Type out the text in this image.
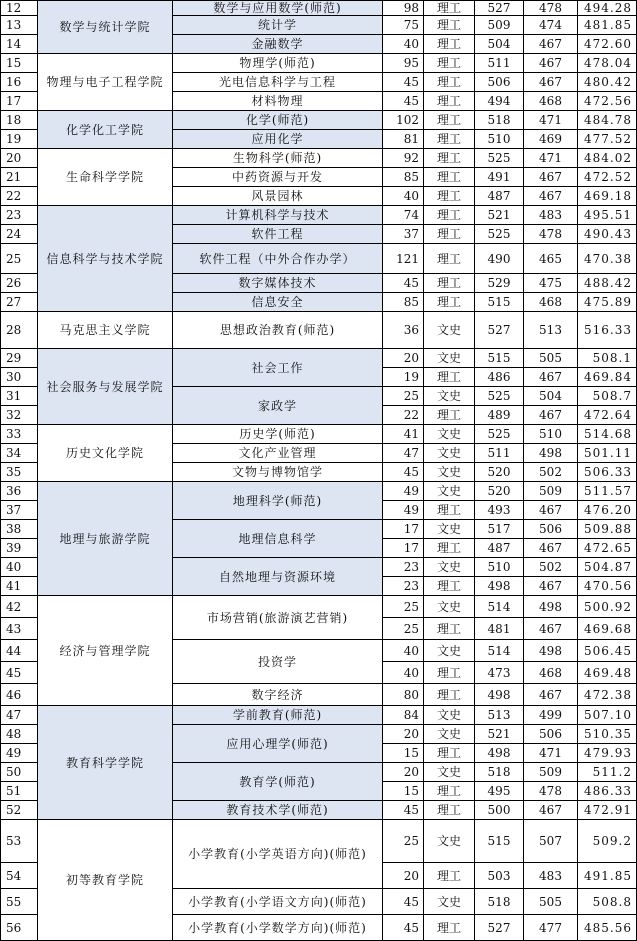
12	数学与统计学院	数学与应用数学(师范)	98	理工	527	478	494.28
13		统计学	75	理工	509	474	481.85
14		金融数学	40	理工	504	467	472.60
15	物理与电子工程学院	物理学(师范)	95	理工	511	467	478.04
16		光电信息科学与工程	45	理工	506	467	480.42
17		材料物理	45	理工	494	468	472.56
18	化学化工学院	化学(师范)	102	理工	518	471	484.78
19		应用化学	81	理工	510	469	477.52
20	生命科学学院	生物科学(师范)	92	理工	525	471	484.02
21		中药资源与开发	85	理工	491	467	472.52
22		风景园林	40	理工	487	467	469.18
23	信息科学与技术学院	计算机科学与技术	74	理工	521	483	495.51
24		软件工程	37	理工	525	478	490.43
25		软件工程（中外合作办学）	121	理工	490	465	470.38
26		数字媒体技术	45	理工	529	475	488.42
27		信息安全	85	理工	515	468	475.89
28	马克思主义学院	思想政治教育(师范)	36	文史	527	513	516.33
29	社会服务与发展学院	社会工作	20	文史	515	505	508.1
30			19	理工	486	467	469.84
31		家政学	25	文史	525	504	508.7
32			22	理工	489	467	472.64
33	历史文化学院	历史学(师范)	41	文史	525	510	514.68
34		文化产业管理	47	文史	511	498	501.11
35		文物与博物馆学	45	文史	520	502	506.33
36	地理与旅游学院	地理科学(师范)	49	文史	520	509	511.57
37			49	理工	493	467	476.20
38		地理信息科学	17	文史	517	506	509.88
39			17	理工	487	467	472.65
40		自然地理与资源环境	23	文史	510	502	504.87
41			23	理工	498	467	470.56
42	经济与管理学院	市场营销(旅游演艺营销)	25	文史	514	498	500.92
43			25	理工	481	467	469.68
44		投资学	40	文史	514	498	506.45
45			40	理工	473	468	469.48
46		数字经济	80	理工	498	467	472.38
47	教育科学学院	学前教育(师范)	84	文史	513	499	507.10
48		应用心理学(师范)	20	文史	521	506	510.35
49			15	理工	498	471	479.93
50		教育学(师范)	20	文史	518	509	511.2
51			15	理工	495	478	486.33
52		教育技术学(师范)	45	理工	500	467	472.91
53	初等教育学院	小学教育(小学英语方向)(师范)	25	文史	515	507	509.2
54			20	理工	503	483	491.85
55		小学教育(小学语文方向)(师范)	45	文史	518	505	508.8
56		小学教育(小学数学方向)(师范)	45	理工	527	477	485.56
